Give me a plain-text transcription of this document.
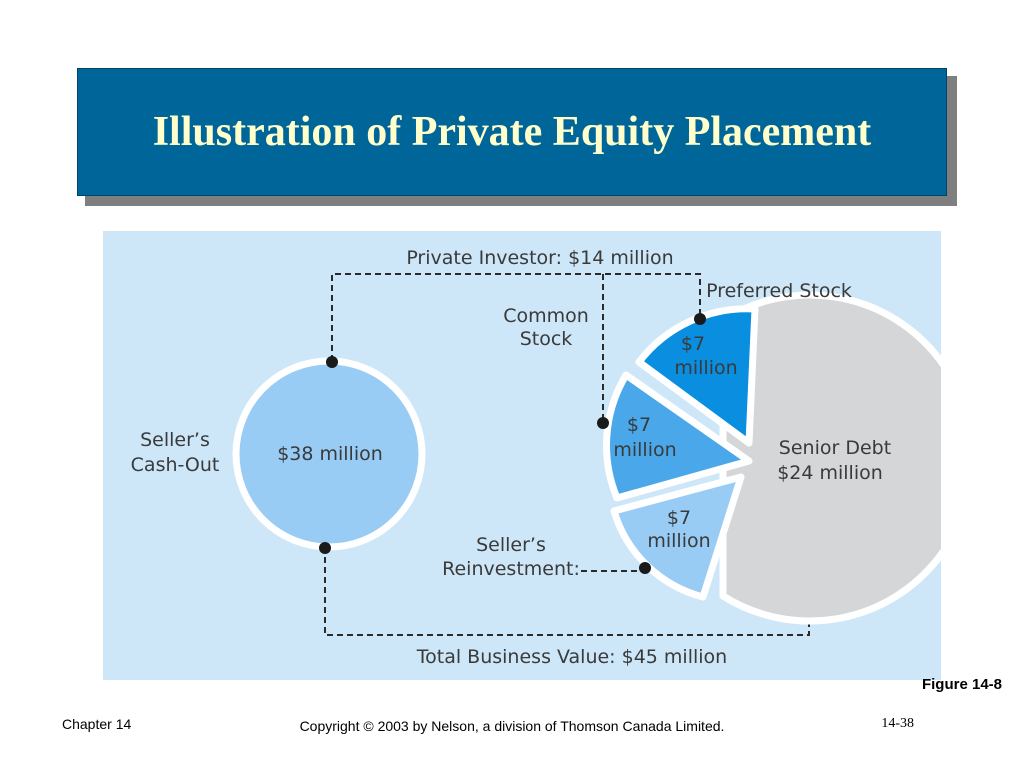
Illustration of Private Equity Placement
Private Investor: $14 million
Preferred Stock
Common
Stock
Seller’s
Cash-Out	$38 million
$7
million
$7
million
$7
million
Senior Debt
$24 million
Seller’s
Reinvestment:
Total Business Value: $45 million
Figure 14-8
Chapter 14	Copyright © 2003 by Nelson, a division of Thomson Canada Limited.	14-38
